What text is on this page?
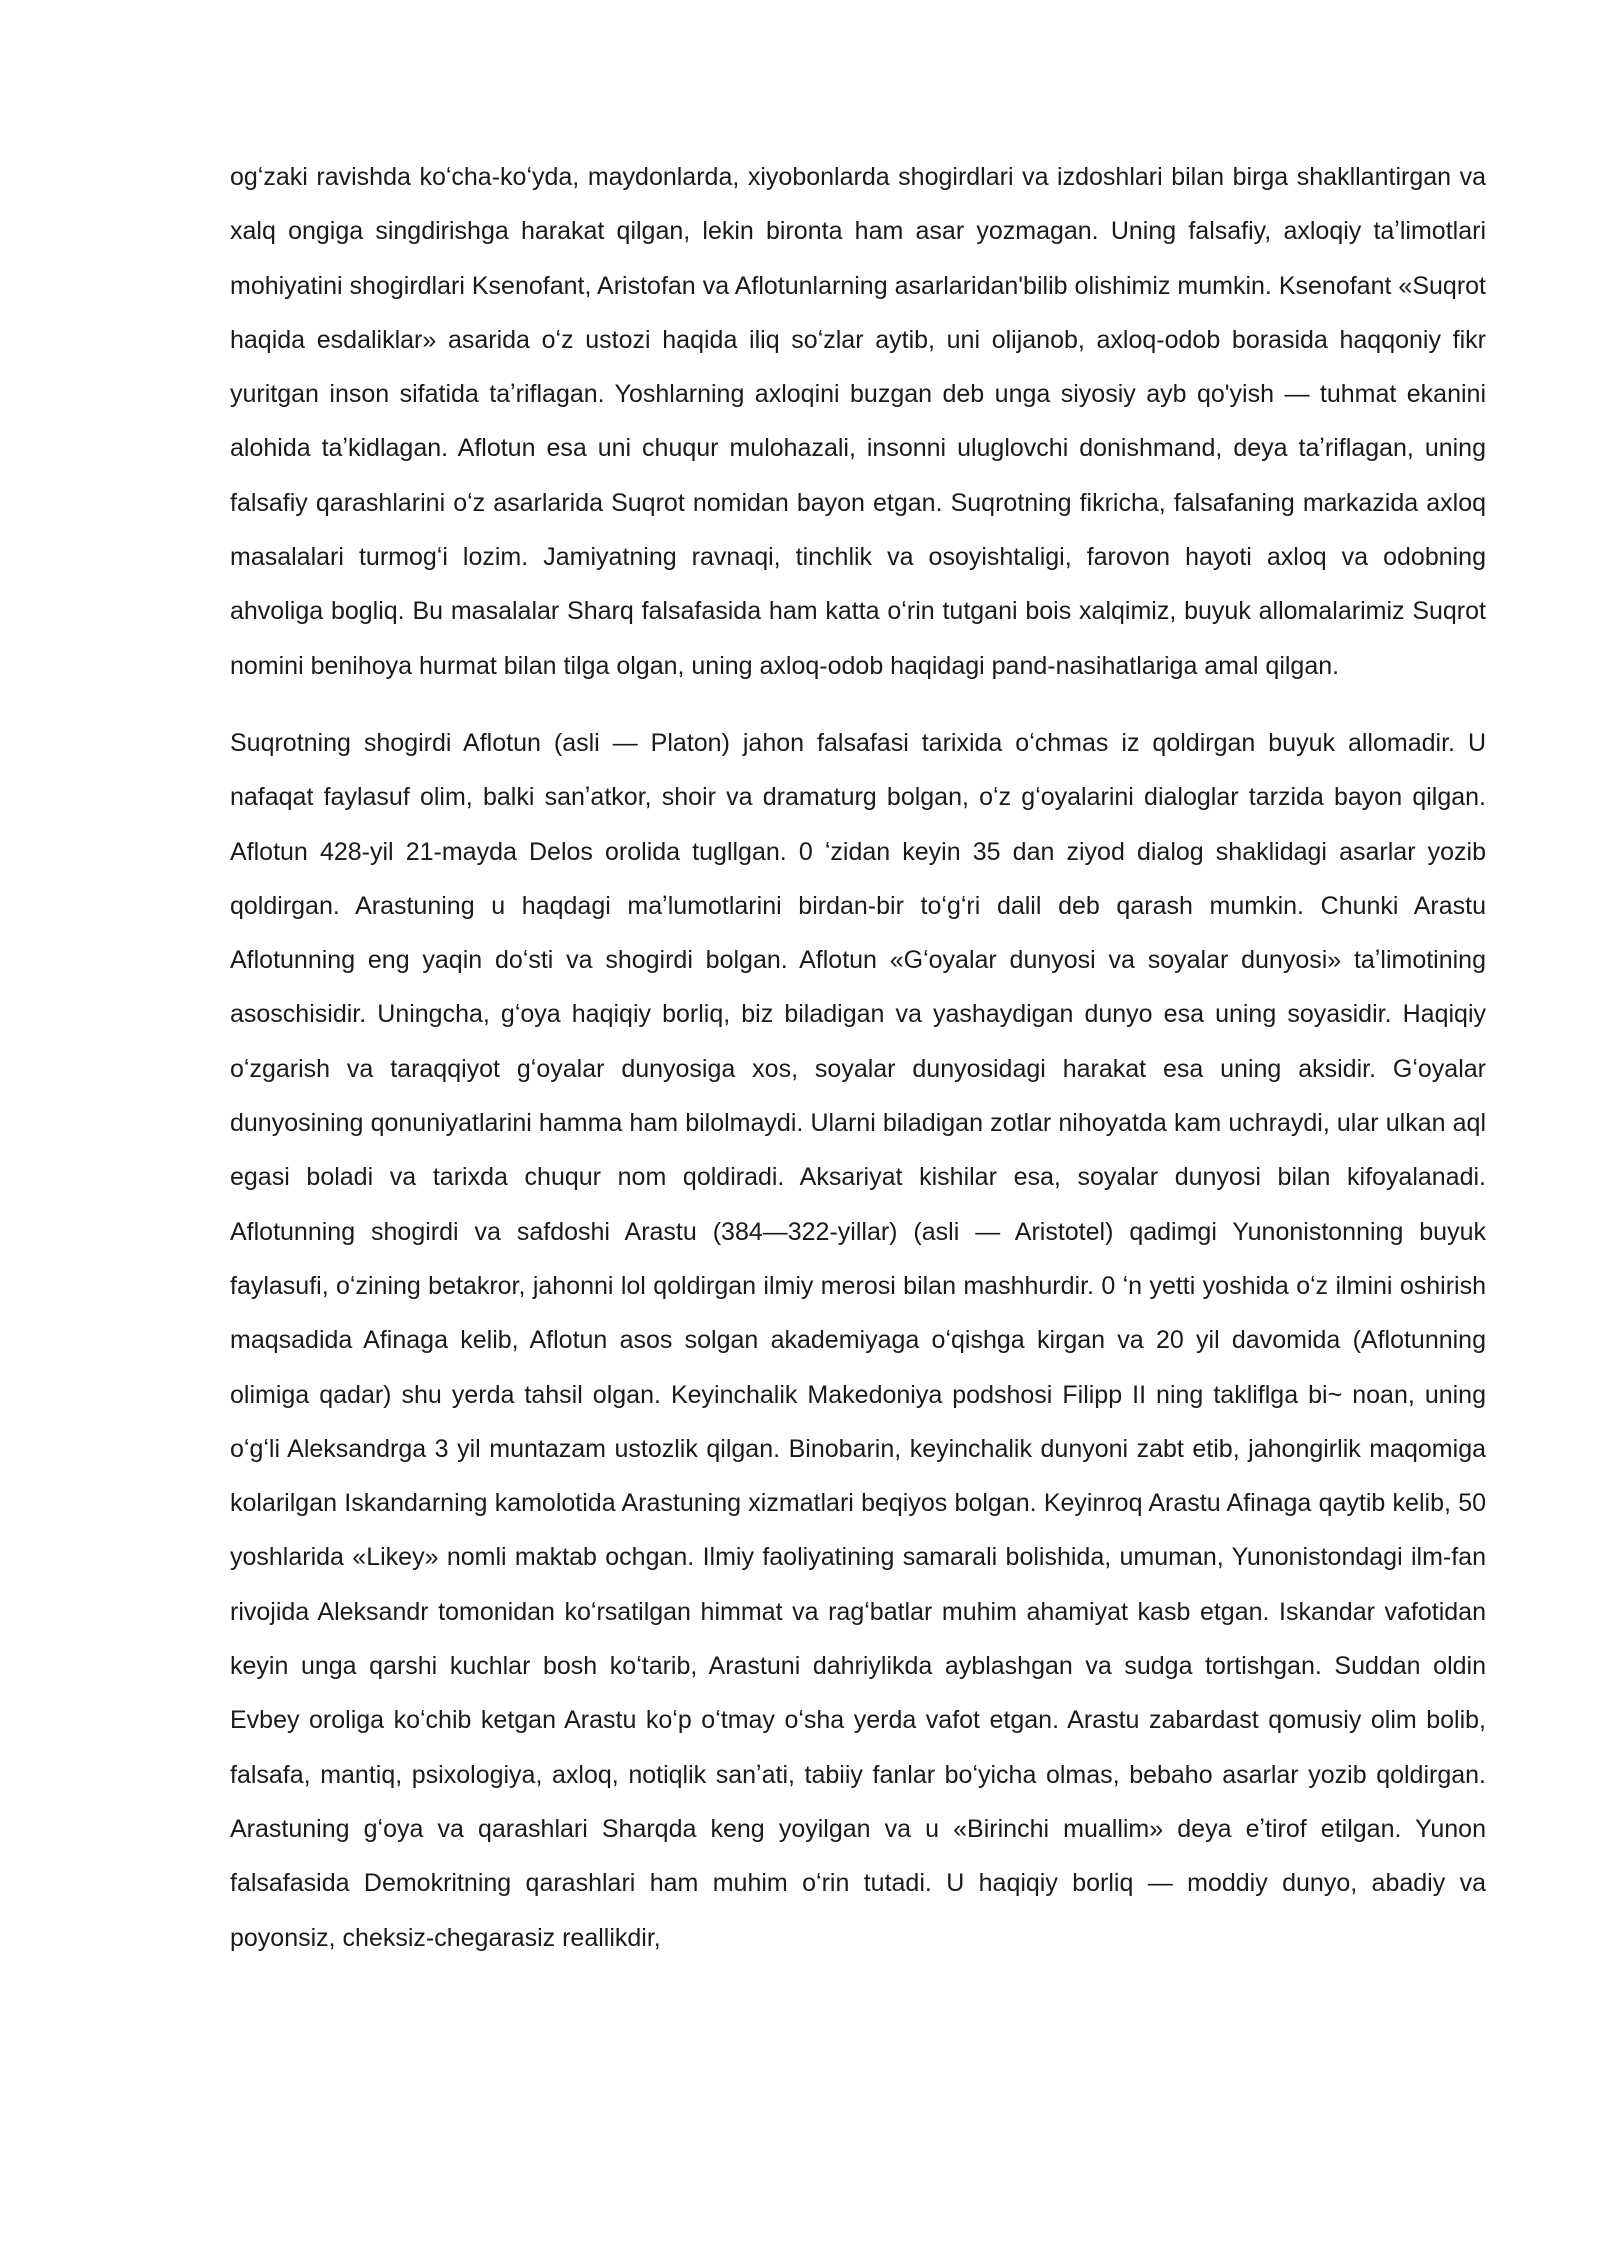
ogʻzaki ravishda koʻcha-koʻyda, maydonlarda, xiyobonlarda shogirdlari va izdoshlari bilan birga shakllantirgan va xalq ongiga singdirishga harakat qilgan, lekin bironta ham asar yozmagan. Uning falsafiy, axloqiy taʼlimotlari mohiyatini shogirdlari Ksenofant, Aristofan va Aflotunlarning asarlaridan'bilib olishimiz mumkin. Ksenofant «Suqrot haqida esdaliklar» asarida oʻz ustozi haqida iliq soʻzlar aytib, uni olijanob, axloq-odob borasida haqqoniy fikr yuritgan inson sifatida taʼriflagan. Yoshlarning axloqini buzgan deb unga siyosiy ayb qo'yish — tuhmat ekanini alohida taʼkidlagan. Aflotun esa uni chuqur mulohazali, insonni uluglovchi donishmand, deya taʼriflagan, uning falsafiy qarashlarini oʻz asarlarida Suqrot nomidan bayon etgan. Suqrotning fikricha, falsafaning markazida axloq masalalari turmogʻi lozim. Jamiyatning ravnaqi, tinchlik va osoyishtaligi, farovon hayoti axloq va odobning ahvoliga bogliq. Bu masalalar Sharq falsafasida ham katta oʻrin tutgani bois xalqimiz, buyuk allomalarimiz Suqrot nomini benihoya hurmat bilan tilga olgan, uning axloq-odob haqidagi pand-nasihatlariga amal qilgan.

Suqrotning shogirdi Aflotun (asli — Platon) jahon falsafasi tarixida oʻchmas iz qoldirgan buyuk allomadir. U nafaqat faylasuf olim, balki sanʼatkor, shoir va dramaturg bolgan, oʻz gʻoyalarini dialoglar tarzida bayon qilgan. Aflotun 428-yil 21-mayda Delos orolida tugllgan. 0 ʻzidan keyin 35 dan ziyod dialog shaklidagi asarlar yozib qoldirgan. Arastuning u haqdagi maʼlumotlarini birdan-bir toʻgʻri dalil deb qarash mumkin. Chunki Arastu Aflotunning eng yaqin doʻsti va shogirdi bolgan. Aflotun «Gʻoyalar dunyosi va soyalar dunyosi» taʼlimotining asoschisidir. Uningcha, gʻoya haqiqiy borliq, biz biladigan va yashaydigan dunyo esa uning soyasidir. Haqiqiy oʻzgarish va taraqqiyot gʻoyalar dunyosiga xos, soyalar dunyosidagi harakat esa uning aksidir. Gʻoyalar dunyosining qonuniyatlarini hamma ham bilolmaydi. Ularni biladigan zotlar nihoyatda kam uchraydi, ular ulkan aql egasi boladi va tarixda chuqur nom qoldiradi. Aksariyat kishilar esa, soyalar dunyosi bilan kifoyalanadi. Aflotunning shogirdi va safdoshi Arastu (384—322-yillar) (asli — Aristotel) qadimgi Yunonistonning buyuk faylasufi, oʻzining betakror, jahonni lol qoldirgan ilmiy merosi bilan mashhurdir. 0 ʻn yetti yoshida oʻz ilmini oshirish maqsadida Afinaga kelib, Aflotun asos solgan akademiyaga oʻqishga kirgan va 20 yil davomida (Aflotunning olimiga qadar) shu yerda tahsil olgan. Keyinchalik Makedoniya podshosi Filipp II ning takliflga bi~ noan, uning oʻgʻli Aleksandrga 3 yil muntazam ustozlik qilgan. Binobarin, keyinchalik dunyoni zabt etib, jahongirlik maqomiga kolarilgan Iskandarning kamolotida Arastuning xizmatlari beqiyos bolgan. Keyinroq Arastu Afinaga qaytib kelib, 50 yoshlarida «Likey» nomli maktab ochgan. Ilmiy faoliyatining samarali bolishida, umuman, Yunonistondagi ilm-fan rivojida Aleksandr tomonidan koʻrsatilgan himmat va ragʻbatlar muhim ahamiyat kasb etgan. Iskandar vafotidan keyin unga qarshi kuchlar bosh koʻtarib, Arastuni dahriylikda ayblashgan va sudga tortishgan. Suddan oldin Evbey oroliga koʻchib ketgan Arastu koʻp oʻtmay oʻsha yerda vafot etgan. Arastu zabardast qomusiy olim bolib, falsafa, mantiq, psixologiya, axloq, notiqlik sanʼati, tabiiy fanlar boʻyicha olmas, bebaho asarlar yozib qoldirgan. Arastuning gʻoya va qarashlari Sharqda keng yoyilgan va u «Birinchi muallim» deya eʼtirof etilgan. Yunon falsafasida Demokritning qarashlari ham muhim oʻrin tutadi. U haqiqiy borliq — moddiy dunyo, abadiy va poyonsiz, cheksiz-chegarasiz reallikdir,
